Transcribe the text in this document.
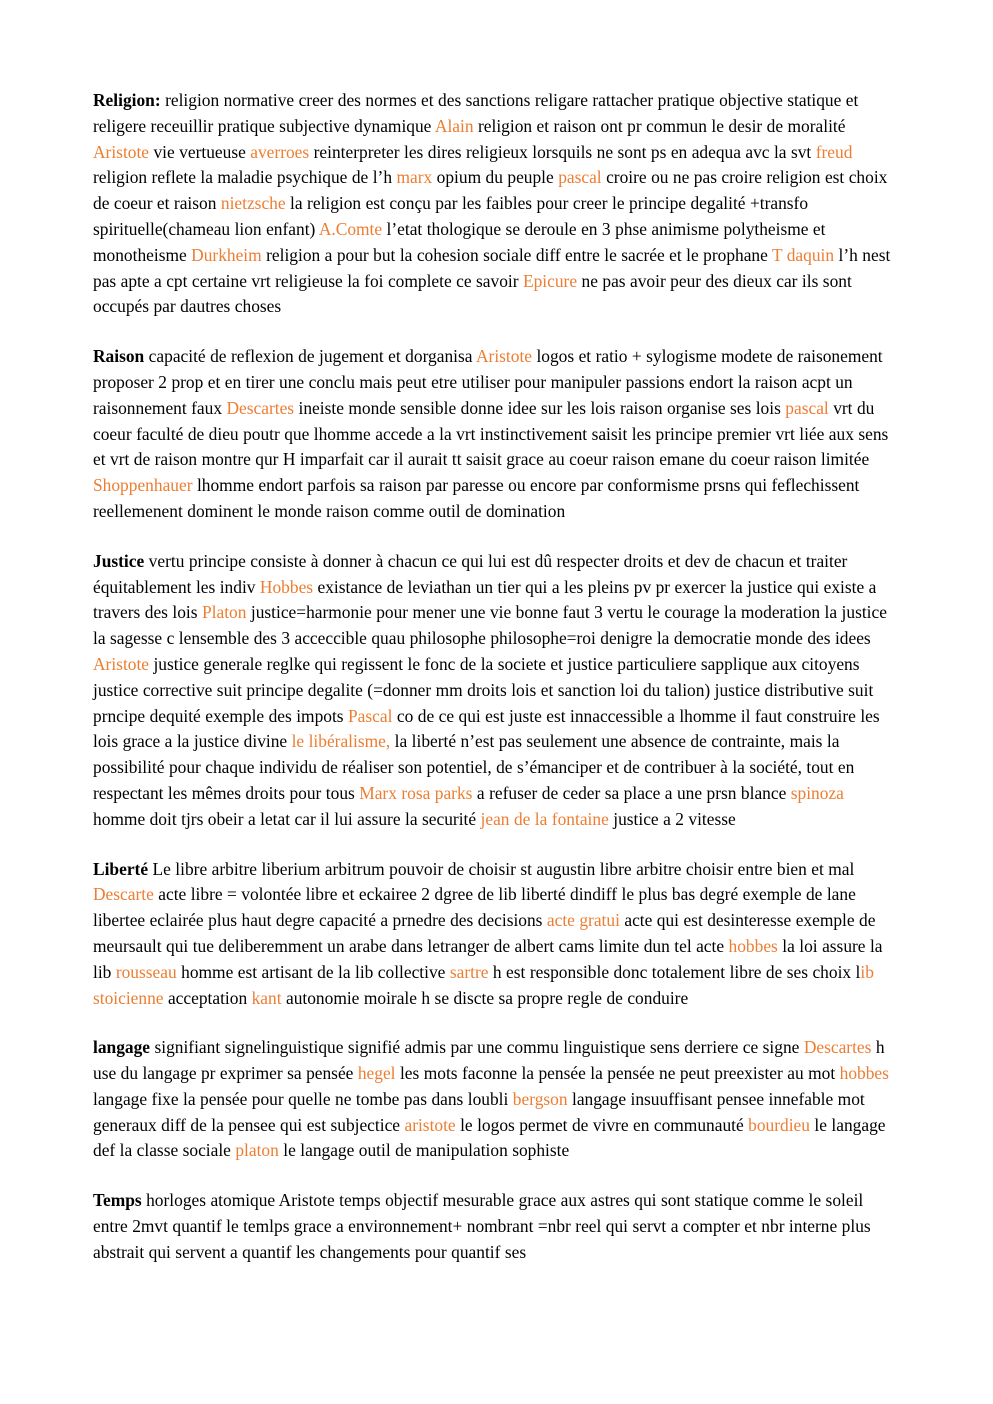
Religion: religion normative creer des normes et des sanctions religare rattacher pratique objective statique et religere receuillir pratique subjective dynamique Alain religion et raison ont pr commun le desir de moralité Aristote vie vertueuse averroes reinterpreter les dires religieux lorsquils ne sont ps en adequa avc la svt freud religion reflete la maladie psychique de l’h marx opium du peuple pascal croire ou ne pas croire religion est choix de coeur et raison nietzsche la religion est conçu par les faibles pour creer le principe degalité +transfo spirituelle(chameau lion enfant) A.Comte l’etat thologique se deroule en 3 phse animisme polytheisme et monotheisme Durkheim religion a pour but la cohesion sociale diff entre le sacrée et le prophane T daquin l’h nest pas apte a cpt certaine vrt religieuse la foi complete ce savoir Epicure ne pas avoir peur des dieux car ils sont occupés par dautres choses

Raison capacité de reflexion de jugement et dorganisa Aristote logos et ratio + sylogisme modete de raisonement proposer 2 prop et en tirer une conclu mais peut etre utiliser pour manipuler passions endort la raison acpt un raisonnement faux Descartes ineiste monde sensible donne idee sur les lois raison organise ses lois pascal vrt du coeur faculté de dieu poutr que lhomme accede a la vrt instinctivement saisit les principe premier vrt liée aux sens et vrt de raison montre qur H imparfait car il aurait tt saisit grace au coeur raison emane du coeur raison limitée Shoppenhauer lhomme endort parfois sa raison par paresse ou encore par conformisme prsns qui feflechissent reellemenent dominent le monde raison comme outil de domination

Justice vertu principe consiste à donner à chacun ce qui lui est dû respecter droits et dev de chacun et traiter équitablement les indiv Hobbes existance de leviathan un tier qui a les pleins pv pr exercer la justice qui existe a travers des lois Platon justice=harmonie pour mener une vie bonne faut 3 vertu le courage la moderation la justice la sagesse c lensemble des 3 acceccible quau philosophe philosophe=roi denigre la democratie monde des idees Aristote justice generale reglke qui regissent le fonc de la societe et justice particuliere sapplique aux citoyens justice corrective suit principe degalite (=donner mm droits lois et sanction loi du talion) justice distributive suit prncipe dequité exemple des impots Pascal co de ce qui est juste est innaccessible a lhomme il faut construire les lois grace a la justice divine le libéralisme, la liberté n’est pas seulement une absence de contrainte, mais la possibilité pour chaque individu de réaliser son potentiel, de s’émanciper et de contribuer à la société, tout en respectant les mêmes droits pour tous Marx rosa parks a refuser de ceder sa place a une prsn blance spinoza homme doit tjrs obeir a letat car il lui assure la securité jean de la fontaine justice a 2 vitesse

Liberté Le libre arbitre liberium arbitrum pouvoir de choisir st augustin libre arbitre choisir entre bien et mal Descarte acte libre = volontée libre et eckairee 2 dgree de lib liberté dindiff le plus bas degré exemple de lane libertee eclairée plus haut degre capacité a prnedre des decisions acte gratui acte qui est desinteresse exemple de meursault qui tue deliberemment un arabe dans letranger de albert cams limite dun tel acte hobbes la loi assure la lib rousseau homme est artisant de la lib collective sartre h est responsible donc totalement libre de ses choix lib stoicienne acceptation kant autonomie moirale h se discte sa propre regle de conduire

langage signifiant signelinguistique signifié admis par une commu linguistique sens derriere ce signe Descartes h use du langage pr exprimer sa pensée hegel les mots faconne la pensée la pensée ne peut preexister au mot hobbes langage fixe la pensée pour quelle ne tombe pas dans loubli bergson langage insuuffisant pensee innefable mot generaux diff de la pensee qui est subjectice aristote le logos permet de vivre en communauté bourdieu le langage def la classe sociale platon le langage outil de manipulation sophiste

Temps horloges atomique Aristote temps objectif mesurable grace aux astres qui sont statique comme le soleil entre 2mvt quantif le temlps grace a environnement+ nombrant =nbr reel qui servt a compter et nbr interne plus abstrait qui servent a quantif les changements pour quantif ses
